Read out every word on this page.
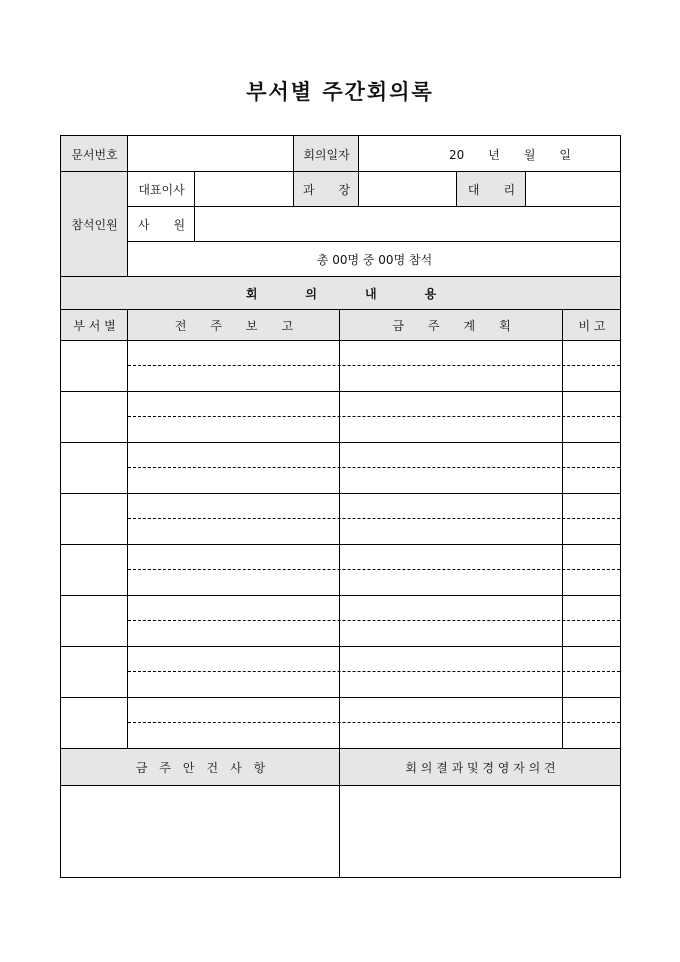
부서별 주간회의록
문서번호	회의일자	20　　년　　월　　일
참석인원
대표이사	과　　장	대　　리
사　　원
총 00명 중 00명 참석
회　　　　의　　　　내　　　　용
부 서 별	전　　주　　보　　고	금　　주　　계　　획	비 고
금　주　안　건　사　항	회 의 결 과 및 경 영 자 의 견
